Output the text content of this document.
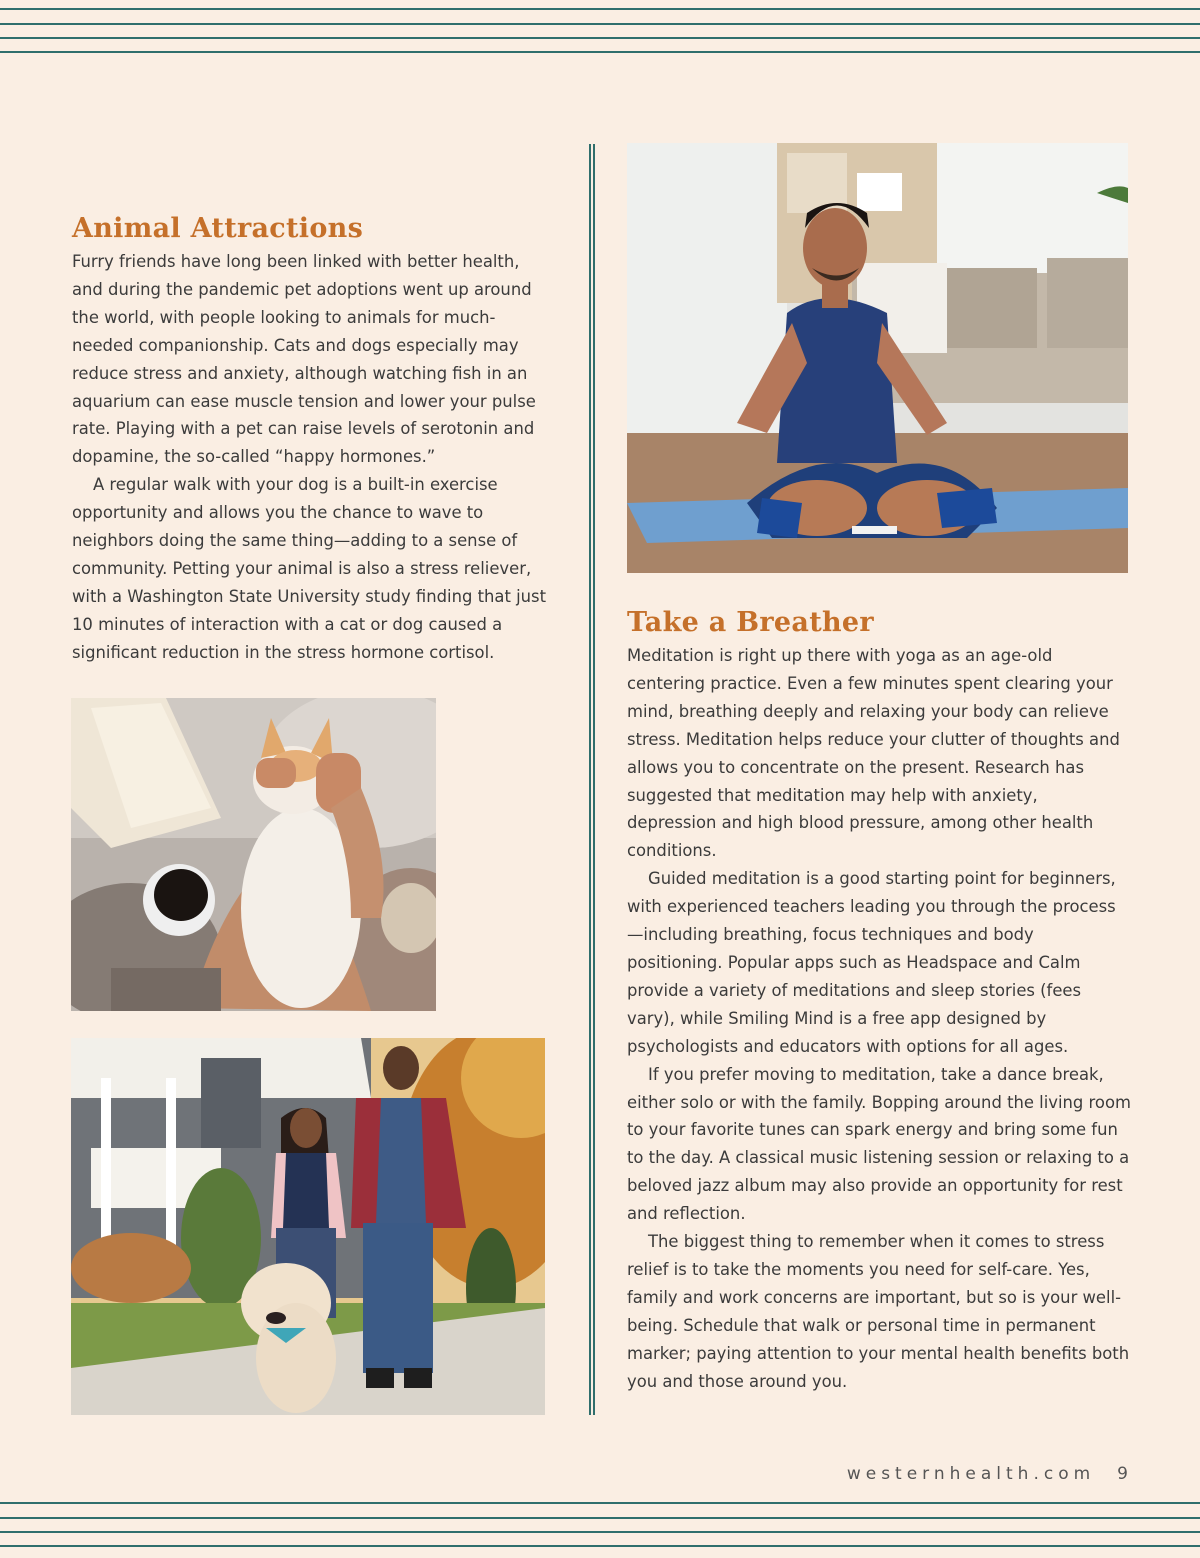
Animal Attractions

Furry friends have long been linked with better health, and during the pandemic pet adoptions went up around the world, with people looking to animals for much-needed companionship. Cats and dogs especially may reduce stress and anxiety, although watching fish in an aquarium can ease muscle tension and lower your pulse rate. Playing with a pet can raise levels of serotonin and dopamine, the so-called “happy hormones.”

A regular walk with your dog is a built-in exercise opportunity and allows you the chance to wave to neighbors doing the same thing—adding to a sense of community. Petting your animal is also a stress reliever, with a Washington State University study finding that just 10 minutes of interaction with a cat or dog caused a significant reduction in the stress hormone cortisol.

Take a Breather

Meditation is right up there with yoga as an age-old centering practice. Even a few minutes spent clearing your mind, breathing deeply and relaxing your body can relieve stress. Meditation helps reduce your clutter of thoughts and allows you to concentrate on the present. Research has suggested that meditation may help with anxiety, depression and high blood pressure, among other health conditions.

Guided meditation is a good starting point for beginners, with experienced teachers leading you through the process—including breathing, focus techniques and body positioning. Popular apps such as Headspace and Calm provide a variety of meditations and sleep stories (fees vary), while Smiling Mind is a free app designed by psychologists and educators with options for all ages.

If you prefer moving to meditation, take a dance break, either solo or with the family. Bopping around the living room to your favorite tunes can spark energy and bring some fun to the day. A classical music listening session or relaxing to a beloved jazz album may also provide an opportunity for rest and reflection.

The biggest thing to remember when it comes to stress relief is to take the moments you need for self-care. Yes, family and work concerns are important, but so is your well-being. Schedule that walk or personal time in permanent marker; paying attention to your mental health benefits both you and those around you.

westernhealth.com 9
